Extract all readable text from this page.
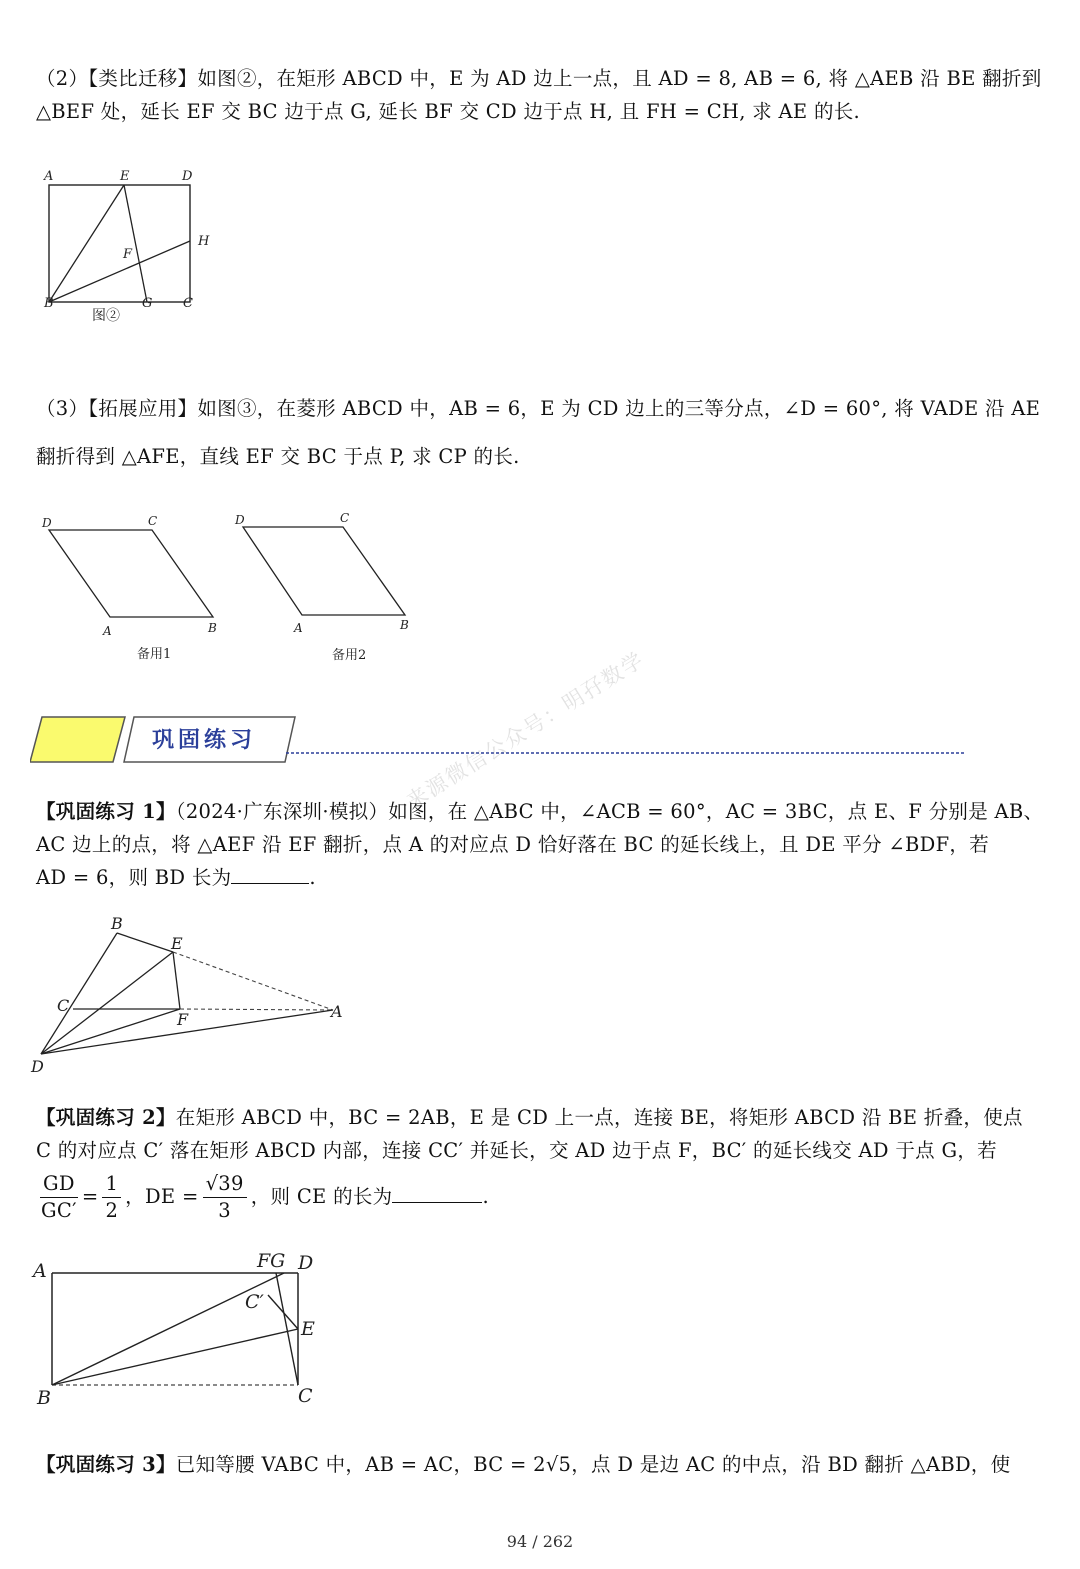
（2）【类比迁移】如图②，在矩形 ABCD 中，E 为 AD 边上一点，且 AD = 8, AB = 6, 将 △AEB 沿 BE 翻折到
△BEF 处，延长 EF 交 BC 边于点 G, 延长 BF 交 CD 边于点 H, 且 FH = CH, 求 AE 的长.
A	E	D
H
F
B	G C
图②
（3）【拓展应用】如图③，在菱形 ABCD 中，AB = 6，E 为 CD 边上的三等分点，∠D = 60°, 将 VADE 沿 AE
翻折得到 △AFE，直线 EF 交 BC 于点 P, 求 CP 的长.
D	C
A	B
备用1
D	C
A	B
备用2
巩固练习	来源微信公众号：明孖数学
【巩固练习 1】（2024·广东深圳·模拟）如图，在 △ABC 中，∠ACB = 60°，AC = 3BC，点 E、F 分别是 AB、
AC 边上的点，将 △AEF 沿 EF 翻折，点 A 的对应点 D 恰好落在 BC 的延长线上，且 DE 平分 ∠BDF，若
AD = 6，则 BD 长为	.
B
E
C
F	A
D
【巩固练习 2】在矩形 ABCD 中，BC = 2AB，E 是 CD 上一点，连接 BE，将矩形 ABCD 沿 BE 折叠，使点
C 的对应点 C′ 落在矩形 ABCD 内部，连接 CC′ 并延长，交 AD 边于点 F，BC′ 的延长线交 AD 于点 G，若
$\frac{GD}{GC'} = \frac{1}{2}$ ，DE = $\frac{√39}{3}$ ，则 CE 的长为	.
A	FG D
C′
E
B	C
【巩固练习 3】已知等腰 VABC 中，AB = AC，BC = 2√5，点 D 是边 AC 的中点，沿 BD 翻折 △ABD，使
94 / 262
